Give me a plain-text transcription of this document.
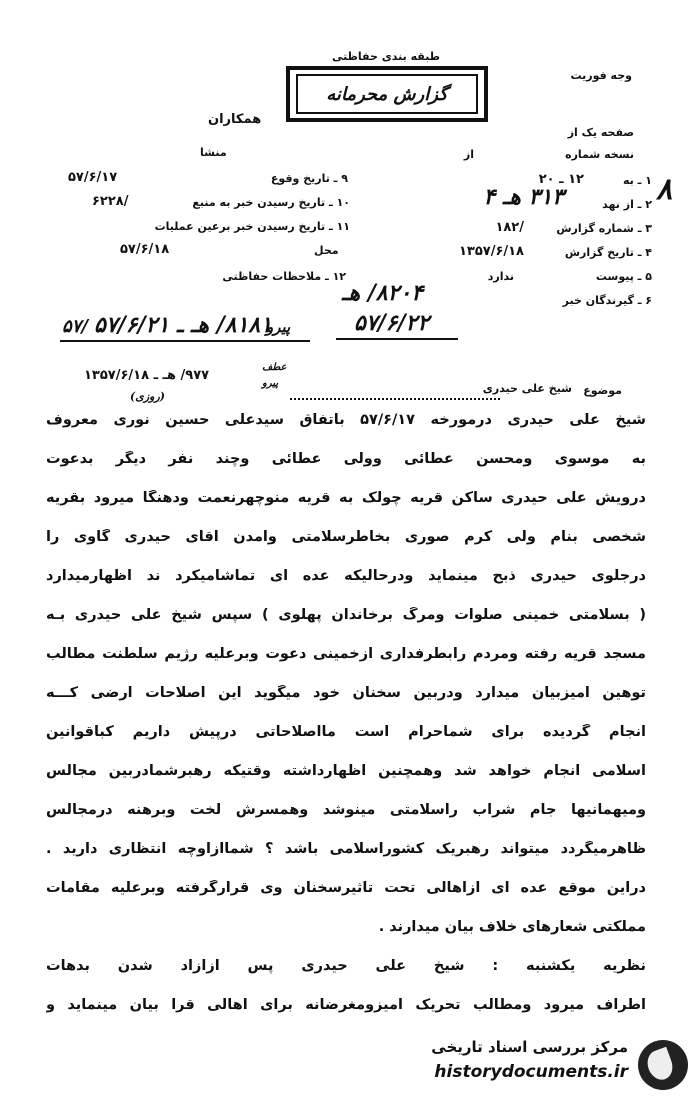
وجه فوریت
طبقه بندی حفاظتی
گزارش محرمانه
همکاران
صفحه یک از
نسخه شماره
از
منشا
۸
۹ ـ تاریخ وقوع
۵۷/۶/۱۷
۱۰ ـ تاریخ رسیدن خبر به منبع
۶۲۲۸/
۱۱ ـ تاریخ رسیدن خبر برعین عملیات
محل
۵۷/۶/۱۸
۱۲ ـ ملاحظات حفاظتی
۱ ـ به
۱۲ ـ ۲۰
۲ ـ از نهد
۳۱۳ هـ ۴
۳ ـ شماره گزارش
۱۸۲/
۴ ـ تاریخ گزارش
۱۳۵۷/۶/۱۸
۵ ـ پیوست
ندارد
۶ ـ گیرندگان خبر
۸۲۰۴/ هـ
۵۷/۶/۲۲
پیرو
۸۱۸۱/ هـ ـ ۵۷/۶/۲۱
۵۷/
عطف
پیرو
۹۷۷/ هـ ـ ۱۳۵۷/۶/۱۸
(روزی)	موضوع
شیخ علی حیدری
شیخ علی حیدری درمورخه ۵۷/۶/۱۷ باتفاق سیدعلی حسین نوری معروف
به موسوی ومحسن عطائی وولی عطائی وچند نفر دیگر بدعوت
درویش علی حیدری ساکن قریه چولک به قریه منوچهرنعمت ودهنگا میرود بقریه
شخصی بنام ولی کرم صوری بخاطرسلامتی وآمدن آقای حیدری گاوی را
درجلوی حیدری ذبح مینماید ودرحالیکه عده ای تماشامیکرد ند اظهارمیدارد
( بسلامتی خمینی صلوات ومرگ برخاندان پهلوی ) سپس شیخ علی حیدری بـه
مسجد قریه رفته ومردم رابطرفداری ازخمینی دعوت وبرعلیه رژیم سلطنت مطالب
توهین آمیزبیان میدارد ودربین سخنان خود میگوید این اصلاحات ارضی کـــه
انجام گردیده برای شماحرام است مااصلاحاتی درپیش داریم کباقوانین
اسلامی انجام خواهد شد وهمچنین اظهارداشته وقتیکه رهبرشمادربین مجالس
ومیهمانیها جام شراب راسلامتی مینوشد وهمسرش لخت وبرهنه درمجالس
ظاهرمیگردد میتواند رهبریک کشوراسلامی باشد ؟ شماازاوچه انتظاری دارید .
دراین موقع عده ای ازاهالی تحت تاثیرسخنان وی قرارگرفته وبرعلیه مقامات
مملکتی شعارهای خلاف بیان میدارند .
نظریه یکشنبه : شیخ علی حیدری پس ازآزاد شدن بدهات
اطراف میرود ومطالب تحریک آمیزومغرضانه برای اهالی قرا بیان مینماید و
مرکز بررسی اسناد تاریخی
historydocuments.ir
